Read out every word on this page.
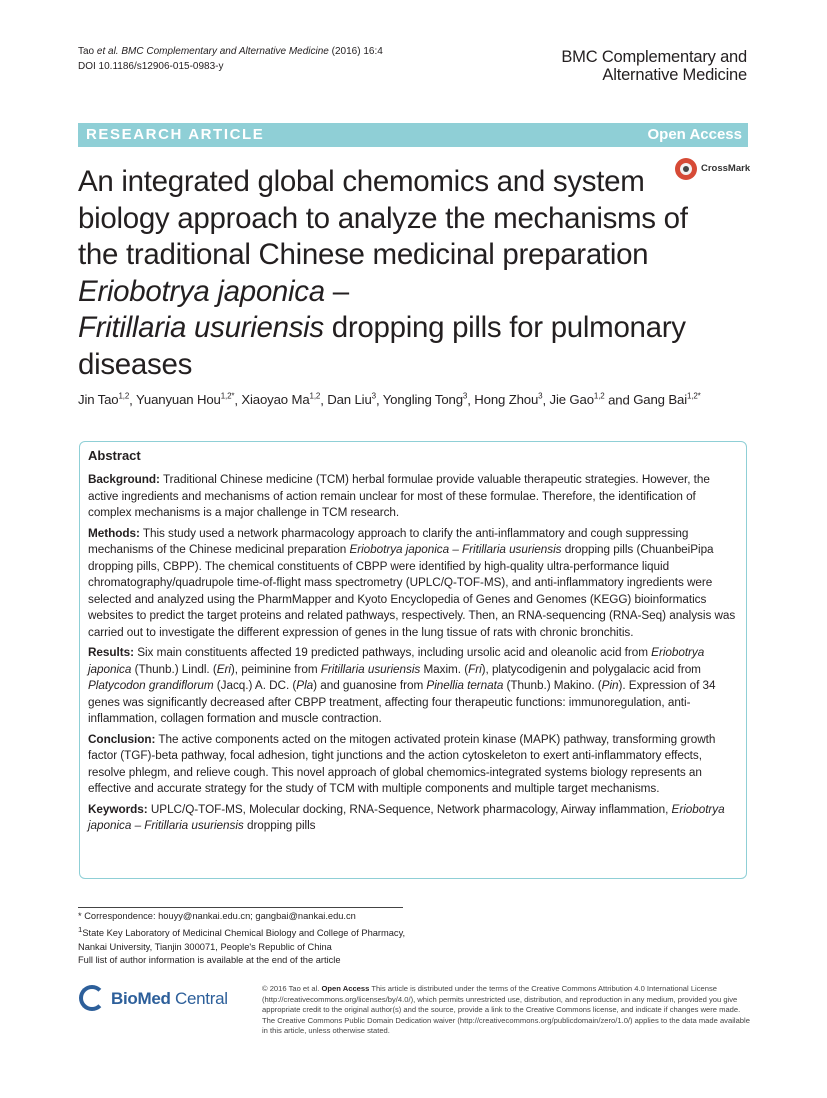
Tao et al. BMC Complementary and Alternative Medicine (2016) 16:4
DOI 10.1186/s12906-015-0983-y
BMC Complementary and
Alternative Medicine
RESEARCH ARTICLE	Open Access
CrossMark
An integrated global chemomics and system biology approach to analyze the mechanisms of the traditional Chinese medicinal preparation Eriobotrya japonica –
Fritillaria usuriensis dropping pills for pulmonary diseases
Jin Tao$^{1,2}$, Yuanyuan Hou$^{1,2*}$, Xiaoyao Ma$^{1,2}$, Dan Liu$^3$, Yongling Tong$^3$, Hong Zhou$^3$, Jie Gao$^{1,2}$ and Gang Bai$^{1,2*}$
Abstract
Background: Traditional Chinese medicine (TCM) herbal formulae provide valuable therapeutic strategies. However, the active ingredients and mechanisms of action remain unclear for most of these formulae. Therefore, the identification of complex mechanisms is a major challenge in TCM research.
Methods: This study used a network pharmacology approach to clarify the anti-inflammatory and cough suppressing mechanisms of the Chinese medicinal preparation Eriobotrya japonica – Fritillaria usuriensis dropping pills (ChuanbeiPipa dropping pills, CBPP). The chemical constituents of CBPP were identified by high-quality ultra-performance liquid chromatography/quadrupole time-of-flight mass spectrometry (UPLC/Q-TOF-MS), and anti-inflammatory ingredients were selected and analyzed using the PharmMapper and Kyoto Encyclopedia of Genes and Genomes (KEGG) bioinformatics websites to predict the target proteins and related pathways, respectively. Then, an RNA-sequencing (RNA-Seq) analysis was carried out to investigate the different expression of genes in the lung tissue of rats with chronic bronchitis.
Results: Six main constituents affected 19 predicted pathways, including ursolic acid and oleanolic acid from Eriobotrya japonica (Thunb.) Lindl. (Eri), peiminine from Fritillaria usuriensis Maxim. (Fri), platycodigenin and polygalacic acid from Platycodon grandiflorum (Jacq.) A. DC. (Pla) and guanosine from Pinellia ternata (Thunb.) Makino. (Pin). Expression of 34 genes was significantly decreased after CBPP treatment, affecting four therapeutic functions: immunoregulation, anti-inflammation, collagen formation and muscle contraction.
Conclusion: The active components acted on the mitogen activated protein kinase (MAPK) pathway, transforming growth factor (TGF)-beta pathway, focal adhesion, tight junctions and the action cytoskeleton to exert anti-inflammatory effects, resolve phlegm, and relieve cough. This novel approach of global chemomics-integrated systems biology represents an effective and accurate strategy for the study of TCM with multiple components and multiple target mechanisms.
Keywords: UPLC/Q-TOF-MS, Molecular docking, RNA-Sequence, Network pharmacology, Airway inflammation, Eriobotrya japonica – Fritillaria usuriensis dropping pills
* Correspondence: houyy@nankai.edu.cn; gangbai@nankai.edu.cn
$^1$State Key Laboratory of Medicinal Chemical Biology and College of Pharmacy, Nankai University, Tianjin 300071, People's Republic of China
Full list of author information is available at the end of the article
BioMed Central
© 2016 Tao et al. Open Access This article is distributed under the terms of the Creative Commons Attribution 4.0 International License (http://creativecommons.org/licenses/by/4.0/), which permits unrestricted use, distribution, and reproduction in any medium, provided you give appropriate credit to the original author(s) and the source, provide a link to the Creative Commons license, and indicate if changes were made. The Creative Commons Public Domain Dedication waiver (http://creativecommons.org/publicdomain/zero/1.0/) applies to the data made available in this article, unless otherwise stated.
